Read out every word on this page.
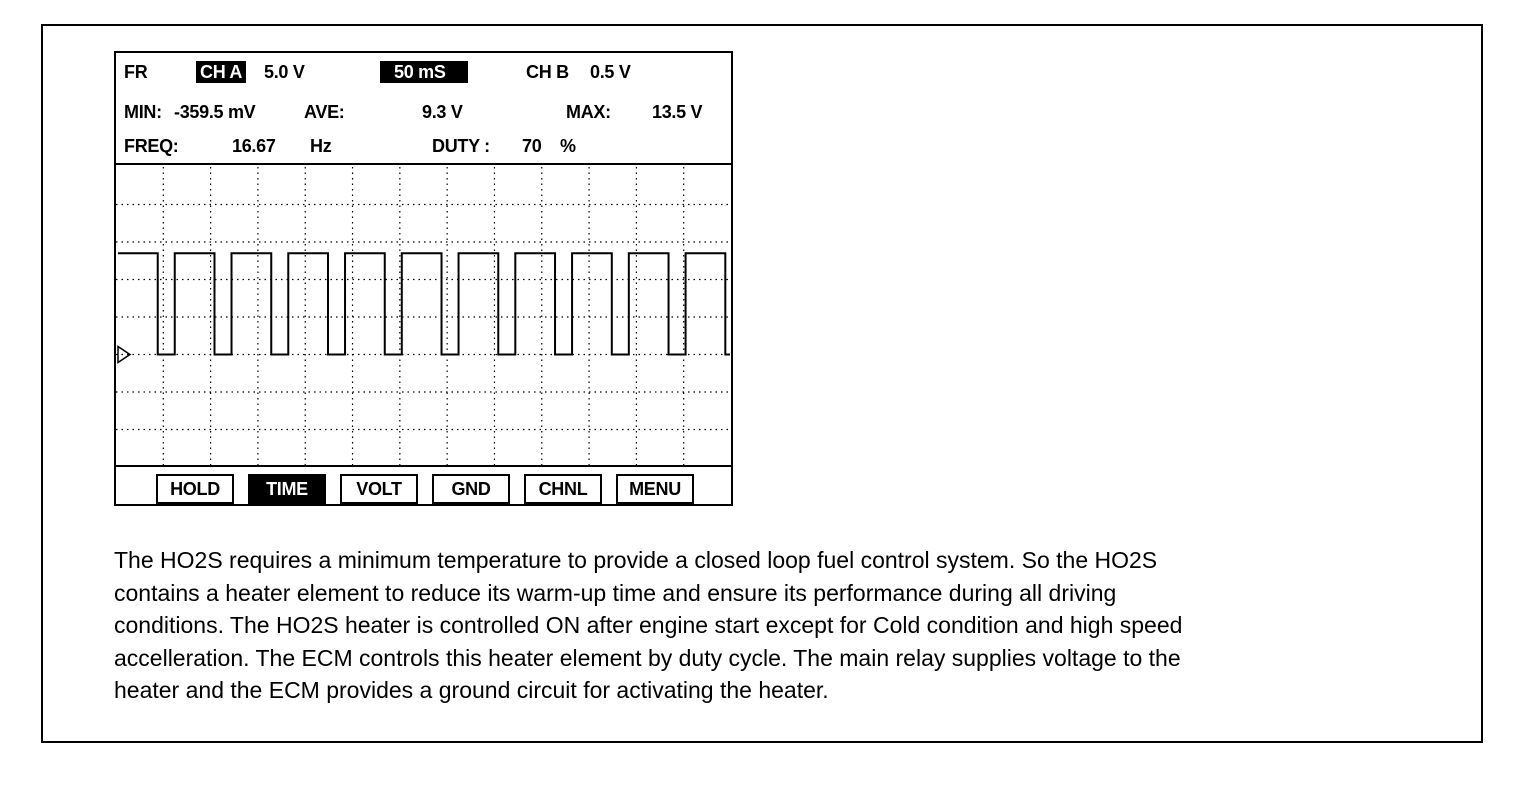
FR	CH A 5.0 V	50 mS	CH B 0.5 V
MIN: -359.5 mV	AVE:	9.3 V	MAX: 13.5 V
FREQ:	16.67 Hz	DUTY : 70 %
HOLD	TIME	VOLT	GND	CHNL	MENU
The HO2S requires a minimum temperature to provide a closed loop fuel control system. So the HO2S
contains a heater element to reduce its warm-up time and ensure its performance during all driving
conditions. The HO2S heater is controlled ON after engine start except for Cold condition and high speed
accelleration. The ECM controls this heater element by duty cycle. The main relay supplies voltage to the
heater and the ECM provides a ground circuit for activating the heater.
